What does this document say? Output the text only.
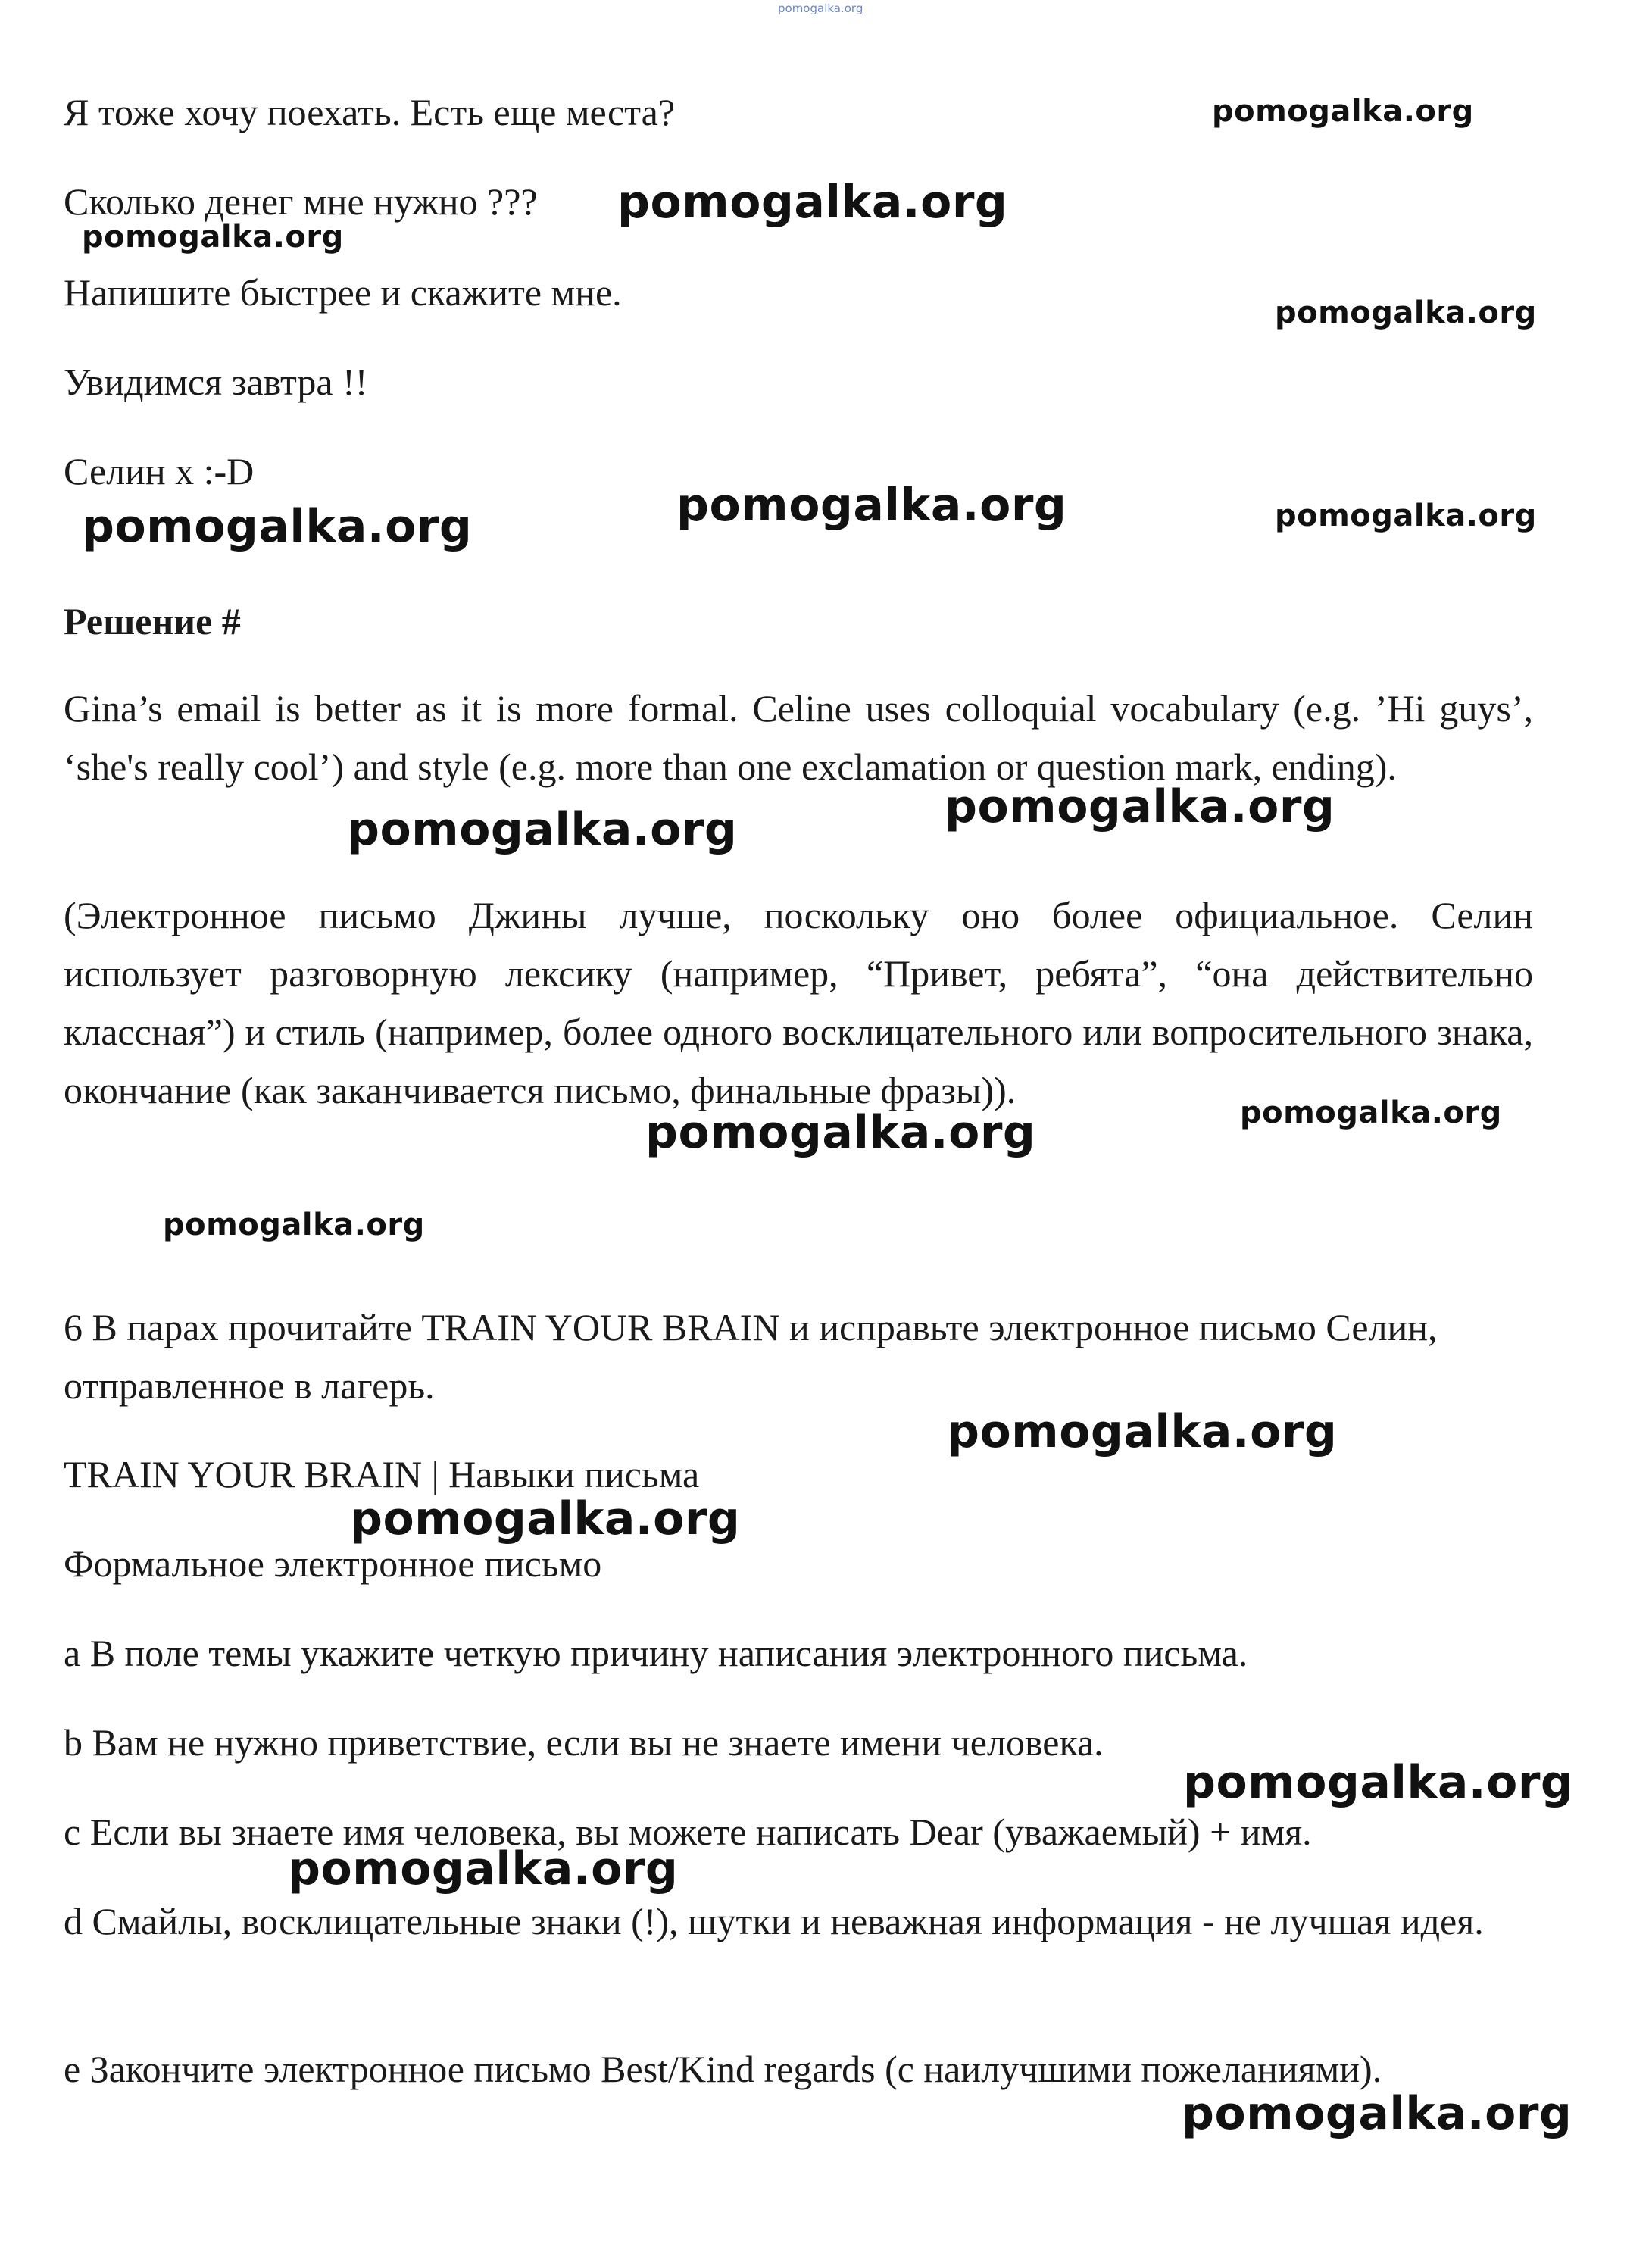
pomogalka.org

Я тоже хочу поехать. Есть еще места?

Сколько денег мне нужно ???

Напишите быстрее и скажите мне.

Увидимся завтра !!

Селин x :-D

Решение #

Gina’s email is better as it is more formal. Celine uses colloquial vocabulary (e.g. ’Hi guys’, ‘she's really cool’) and style (e.g. more than one exclamation or question mark, ending).

(Электронное письмо Джины лучше, поскольку оно более официальное. Селин использует разговорную лексику (например, “Привет, ребята”, “она действительно классная”) и стиль (например, более одного восклицательного или вопросительного знака, окончание (как заканчивается письмо, финальные фразы)).

6 В парах прочитайте TRAIN YOUR BRAIN и исправьте электронное письмо Селин, отправленное в лагерь.

TRAIN YOUR BRAIN | Навыки письма

Формальное электронное письмо

a В поле темы укажите четкую причину написания электронного письма.

b Вам не нужно приветствие, если вы не знаете имени человека.

c Если вы знаете имя человека, вы можете написать Dear (уважаемый) + имя.

d Смайлы, восклицательные знаки (!), шутки и неважная информация - не лучшая идея.

e Закончите электронное письмо Best/Kind regards (с наилучшими пожеланиями).

pomogalka.org
pomogalka.org
pomogalka.org
pomogalka.org
pomogalka.org
pomogalka.org	pomogalka.org
pomogalka.org
pomogalka.org
pomogalka.org
pomogalka.org
pomogalka.org
pomogalka.org
pomogalka.org
pomogalka.org
pomogalka.org
pomogalka.org
